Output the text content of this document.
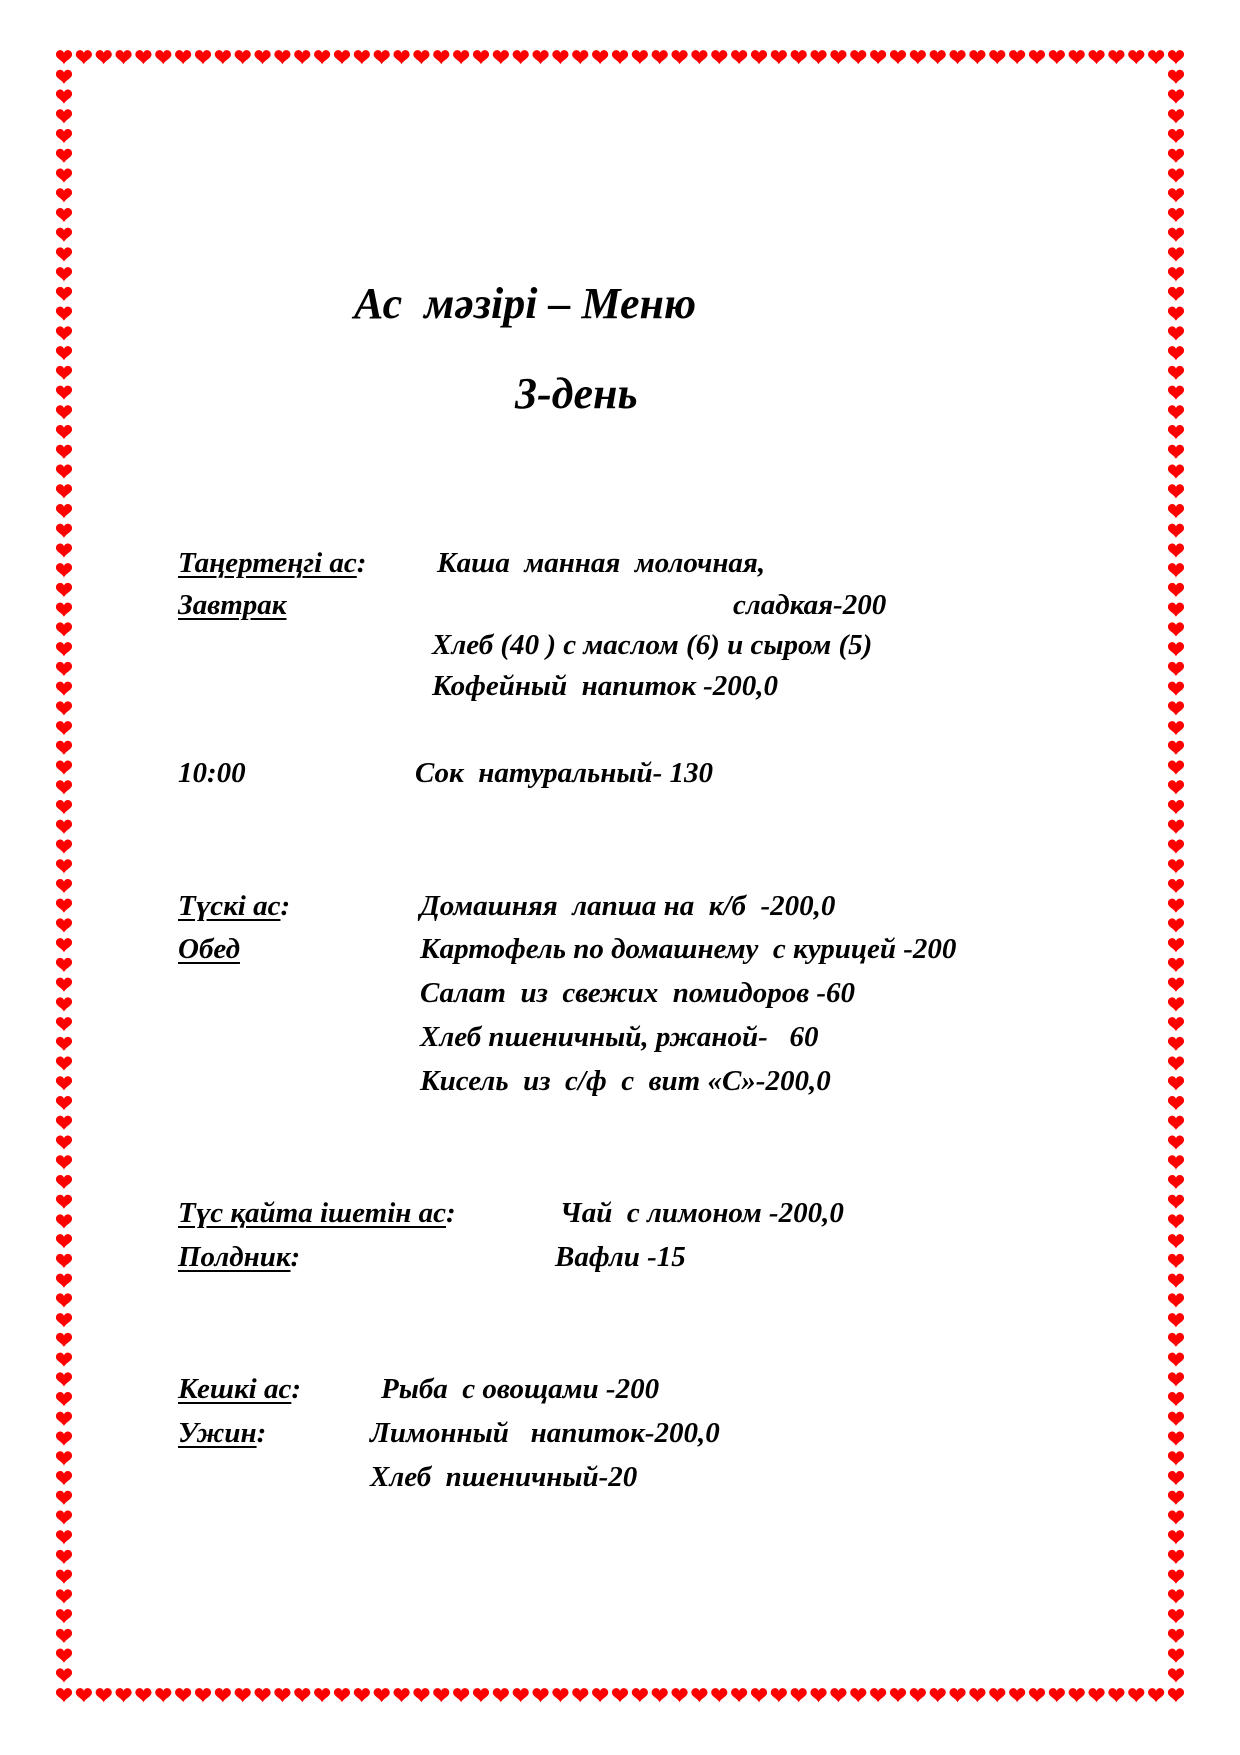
Ас  мәзірі – Меню
3-день
Таңертеңгі ас:
Завтрак
Каша  манная  молочная,
сладкая-200
Хлеб (40 ) с маслом (6) и сыром (5)
Кофейный  напиток -200,0
10:00	Сок  натуральный- 130
Түскі ас:
Обед
Домашняя  лапша на  к/б  -200,0
Картофель по домашнему  с курицей -200
Салат  из  свежих  помидоров -60
Хлеб пшеничный, ржаной-   60
Кисель  из  с/ф  с  вит «С»-200,0
Түс қайта ішетін ас:
Полдник:
Чай  с лимоном -200,0
Вафли -15
Кешкі ас:
Ужин:
Рыба  с овощами -200
Лимонный   напиток-200,0
Хлеб  пшеничный-20
